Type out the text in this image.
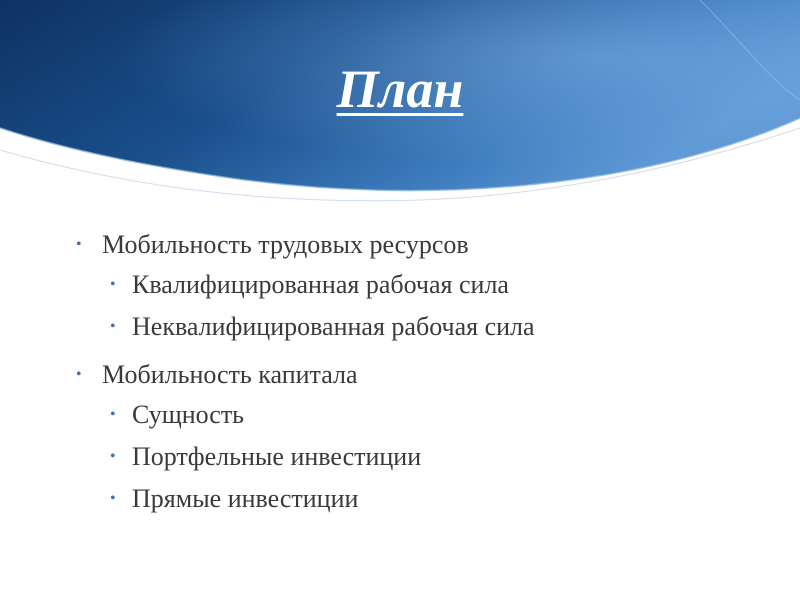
План
• Мобильность трудовых ресурсов
• Квалифицированная рабочая сила
• Неквалифицированная рабочая сила
• Мобильность капитала
• Сущность
• Портфельные инвестиции
• Прямые инвестиции
